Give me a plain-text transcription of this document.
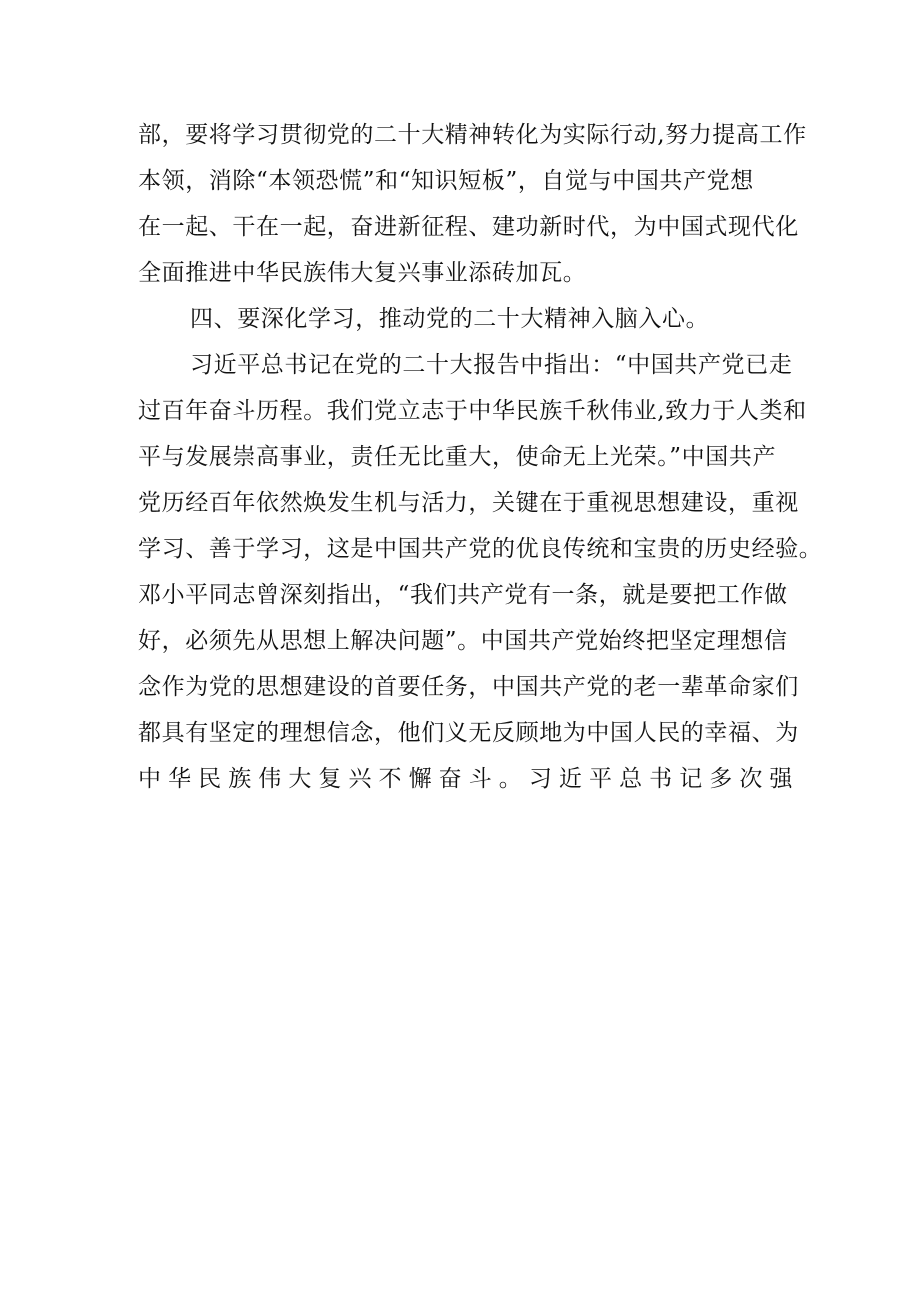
部，要将学习贯彻党的二十大精神转化为实际行动,努力提高工作
本领，消除“本领恐慌”和“知识短板”，自觉与中国共产党想
在一起、干在一起，奋进新征程、建功新时代，为中国式现代化
全面推进中华民族伟大复兴事业添砖加瓦。
四、要深化学习，推动党的二十大精神入脑入心。
习近平总书记在党的二十大报告中指出：“中国共产党已走
过百年奋斗历程。我们党立志于中华民族千秋伟业,致力于人类和
平与发展崇高事业，责任无比重大，使命无上光荣。”中国共产
党历经百年依然焕发生机与活力，关键在于重视思想建设，重视
学习、善于学习，这是中国共产党的优良传统和宝贵的历史经验。
邓小平同志曾深刻指出，“我们共产党有一条，就是要把工作做
好，必须先从思想上解决问题”。中国共产党始终把坚定理想信
念作为党的思想建设的首要任务，中国共产党的老一辈革命家们
都具有坚定的理想信念，他们义无反顾地为中国人民的幸福、为
中华民族伟大复兴不懈奋斗。习近平总书记多次强
